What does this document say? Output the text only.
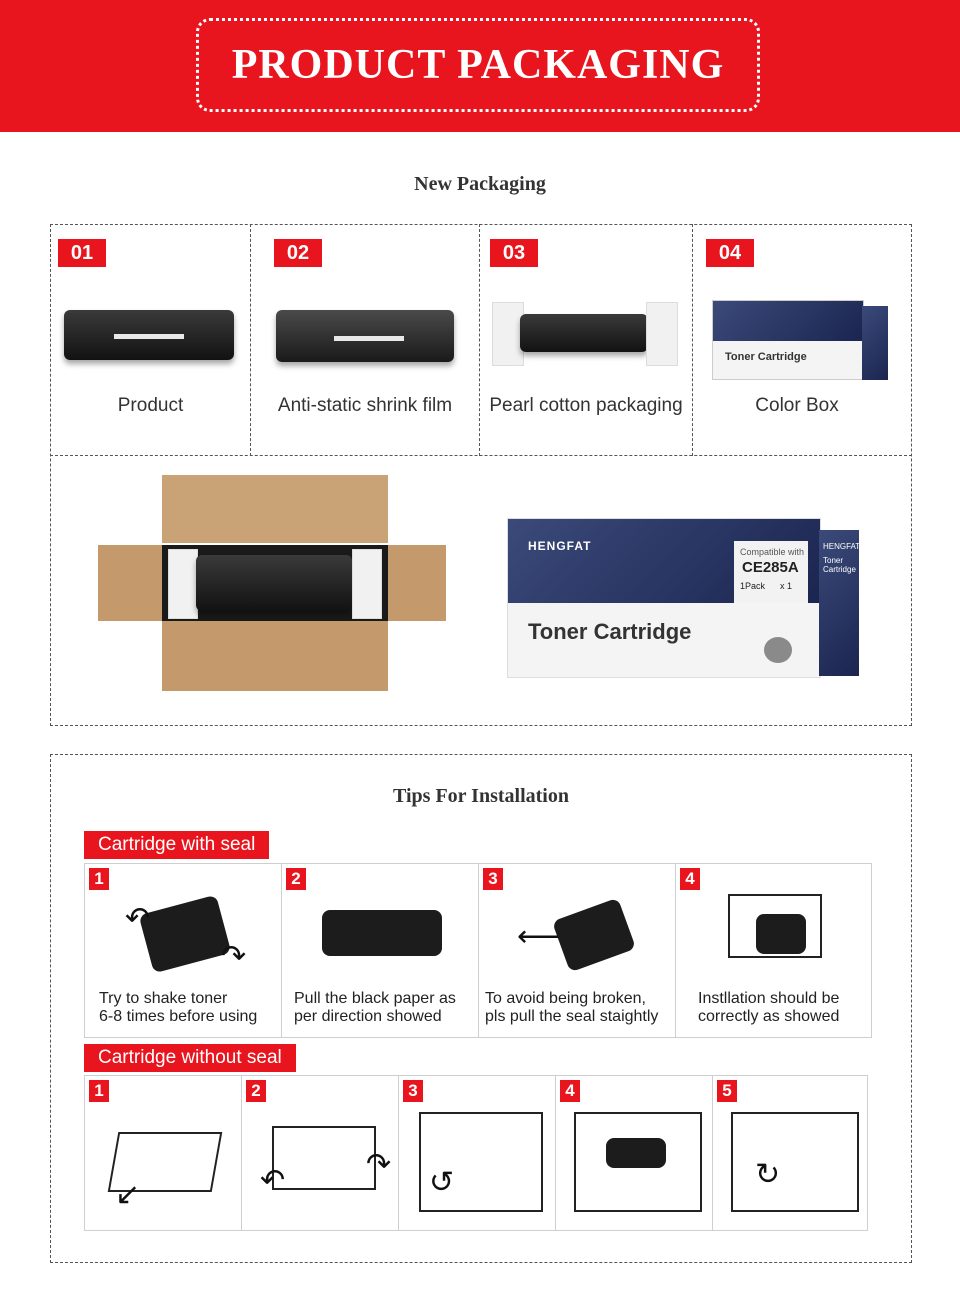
PRODUCT PACKAGING
New Packaging
01
Product
02
Anti-static shrink film
03
Pearl cotton packaging
04
Toner Cartridge
Color Box
HENGFAT	Compatible with
CE285A
1Pack x 1
Toner Cartridge
HENGFAT
Toner Cartridge
Tips For Installation
Cartridge with seal
1
↶
↷
Try to shake toner
6-8 times before using
2
Pull the black paper as
per direction showed
3
⟵
To avoid being broken,
pls pull the seal staightly
4
Instllation should be
correctly as showed
Cartridge without seal
1
↙
2
↶	↷
3
↺
4	5
↻
